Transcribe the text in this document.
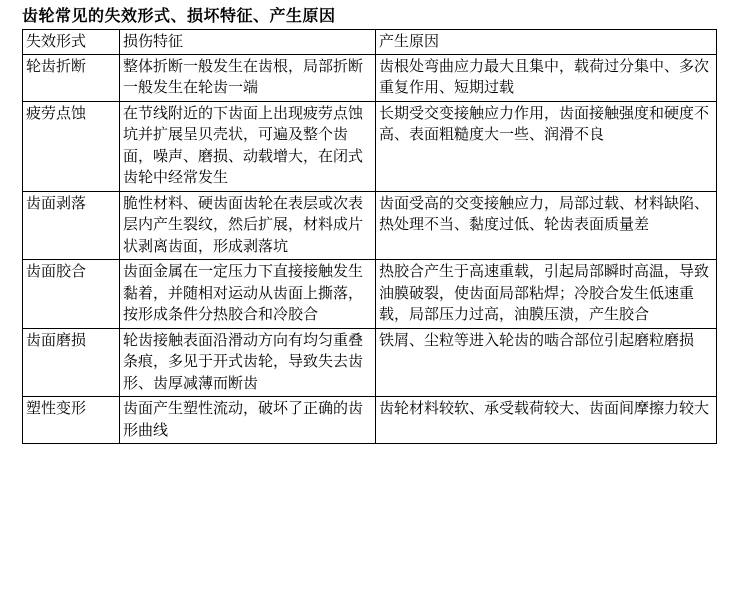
齿轮常见的失效形式、损坏特征、产生原因
失效形式	损伤特征	产生原因
轮齿折断	整体折断一般发生在齿根，局部折断一般发生在轮齿一端	齿根处弯曲应力最大且集中，载荷过分集中、多次重复作用、短期过载
疲劳点蚀	在节线附近的下齿面上出现疲劳点蚀坑并扩展呈贝壳状，可遍及整个齿面，噪声、磨损、动载增大，在闭式齿轮中经常发生	长期受交变接触应力作用，齿面接触强度和硬度不高、表面粗糙度大一些、润滑不良
齿面剥落	脆性材料、硬齿面齿轮在表层或次表层内产生裂纹，然后扩展，材料成片状剥离齿面，形成剥落坑	齿面受高的交变接触应力，局部过载、材料缺陷、热处理不当、黏度过低、轮齿表面质量差
齿面胶合	齿面金属在一定压力下直接接触发生黏着，并随相对运动从齿面上撕落，按形成条件分热胶合和冷胶合	热胶合产生于高速重载，引起局部瞬时高温，导致油膜破裂，使齿面局部粘焊；冷胶合发生低速重载，局部压力过高，油膜压溃，产生胶合
齿面磨损	轮齿接触表面沿滑动方向有均匀重叠条痕，多见于开式齿轮，导致失去齿形、齿厚减薄而断齿	铁屑、尘粒等进入轮齿的啮合部位引起磨粒磨损
塑性变形	齿面产生塑性流动，破坏了正确的齿形曲线	齿轮材料较软、承受载荷较大、齿面间摩擦力较大
